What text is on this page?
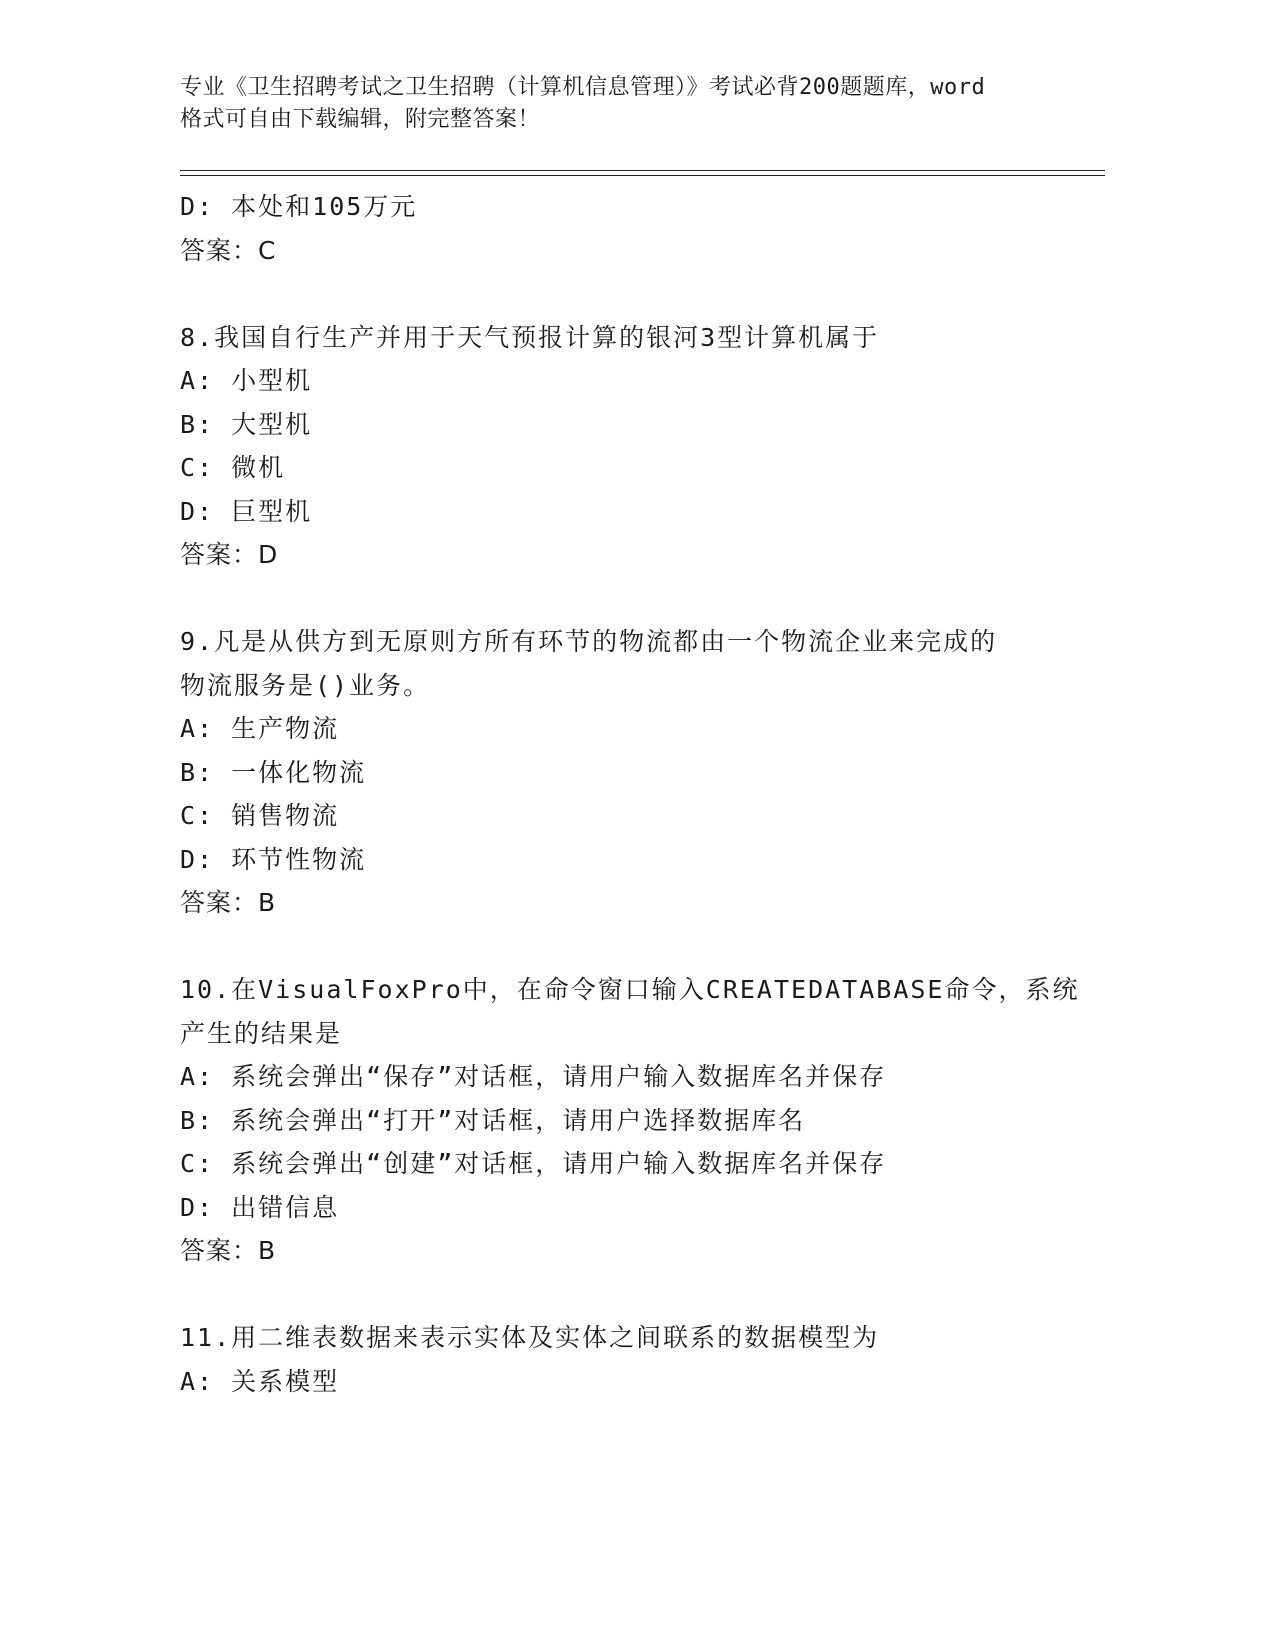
专业《卫生招聘考试之卫生招聘（计算机信息管理）》考试必背200题题库，word
格式可自由下载编辑，附完整答案！
D: 本处和105万元
答案：C
8.我国自行生产并用于天气预报计算的银河3型计算机属于
A: 小型机
B: 大型机
C: 微机
D: 巨型机
答案：D
9.凡是从供方到无原则方所有环节的物流都由一个物流企业来完成的
物流服务是()业务。
A: 生产物流
B: 一体化物流
C: 销售物流
D: 环节性物流
答案：B
10.在VisualFoxPro中，在命令窗口输入CREATEDATABASE命令，系统
产生的结果是
A: 系统会弹出“保存”对话框，请用户输入数据库名并保存
B: 系统会弹出“打开”对话框，请用户选择数据库名
C: 系统会弹出“创建”对话框，请用户输入数据库名并保存
D: 出错信息
答案：B
11.用二维表数据来表示实体及实体之间联系的数据模型为
A: 关系模型
